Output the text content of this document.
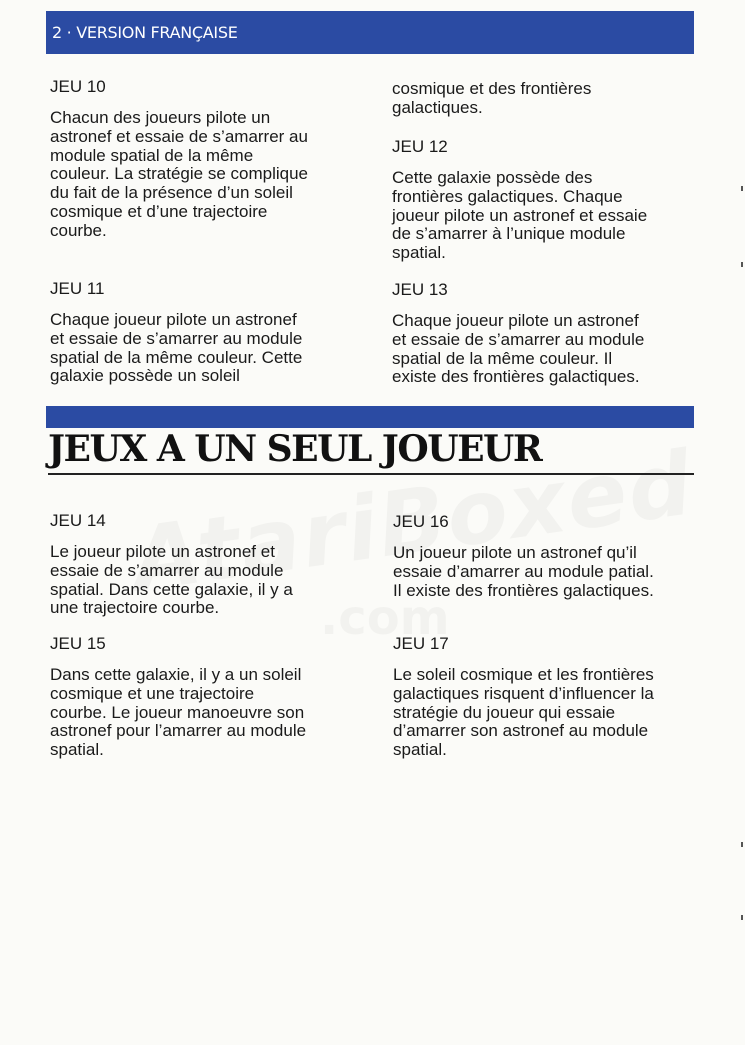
2 · VERSION FRANÇAISE
JEU 10
Chacun des joueurs pilote un
astronef et essaie de s’amarrer au
module spatial de la même
couleur. La stratégie se complique
du fait de la présence d’un soleil
cosmique et d’une trajectoire
courbe.
JEU 11
Chaque joueur pilote un astronef
et essaie de s’amarrer au module
spatial de la même couleur. Cette
galaxie possède un soleil
cosmique et des frontières
galactiques.
JEU 12
Cette galaxie possède des
frontières galactiques. Chaque
joueur pilote un astronef et essaie
de s’amarrer à l’unique module
spatial.
JEU 13
Chaque joueur pilote un astronef
et essaie de s’amarrer au module
spatial de la même couleur. Il
existe des frontières galactiques.
JEUX A UN SEUL JOUEUR
JEU 14
Le joueur pilote un astronef et
essaie de s’amarrer au module
spatial. Dans cette galaxie, il y a
une trajectoire courbe.
JEU 15
Dans cette galaxie, il y a un soleil
cosmique et une trajectoire
courbe. Le joueur manoeuvre son
astronef pour l’amarrer au module
spatial.
JEU 16
Un joueur pilote un astronef qu’il
essaie d’amarrer au module patial.
Il existe des frontières galactiques.
JEU 17
Le soleil cosmique et les frontières
galactiques risquent d’influencer la
stratégie du joueur qui essaie
d’amarrer son astronef au module
spatial.
